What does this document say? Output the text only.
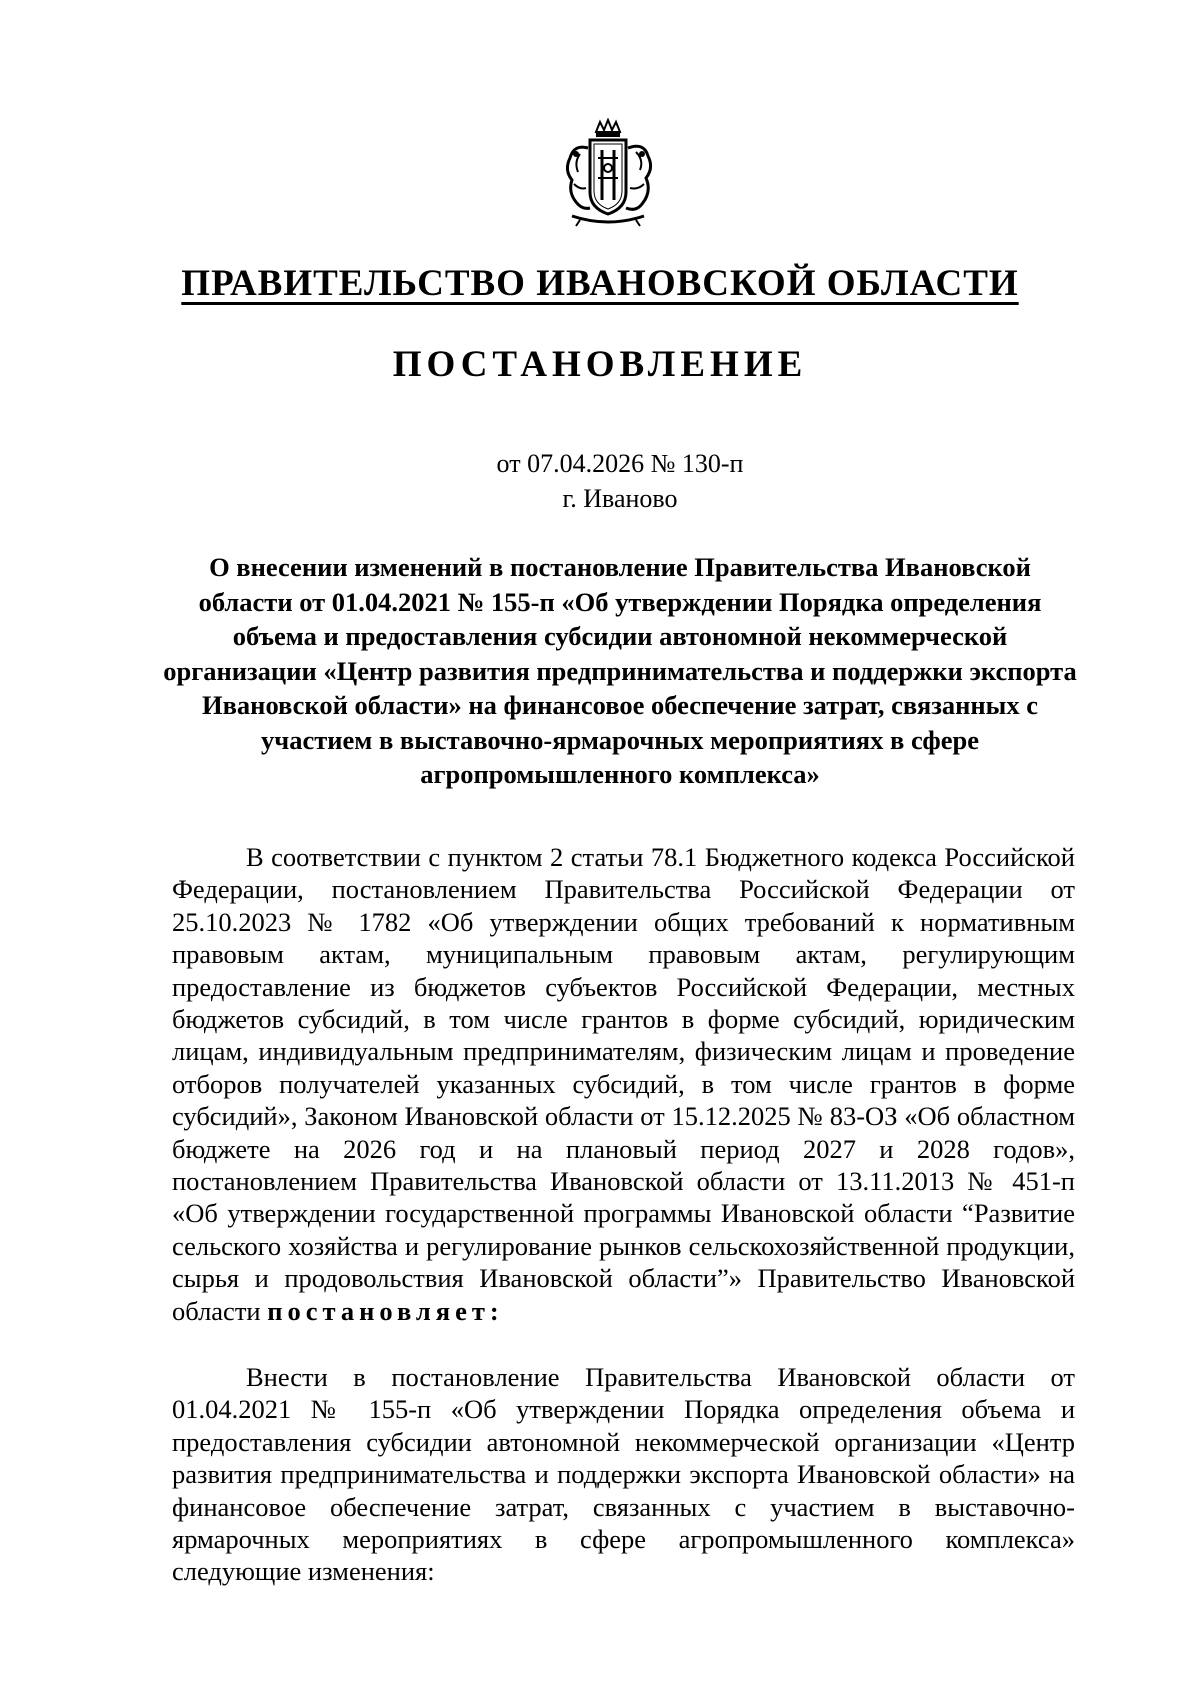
ПРАВИТЕЛЬСТВО ИВАНОВСКОЙ ОБЛАСТИ
ПОСТАНОВЛЕНИЕ
от 07.04.2026 № 130-п
г. Иваново
О внесении изменений в постановление Правительства Ивановской области от 01.04.2021 № 155-п «Об утверждении Порядка определения объема и предоставления субсидии автономной некоммерческой организации «Центр развития предпринимательства и поддержки экспорта Ивановской области» на финансовое обеспечение затрат, связанных с участием в выставочно-ярмарочных мероприятиях в сфере агропромышленного комплекса»

В соответствии с пунктом 2 статьи 78.1 Бюджетного кодекса Российской Федерации, постановлением Правительства Российской Федерации от 25.10.2023 № 1782 «Об утверждении общих требований к нормативным правовым актам, муниципальным правовым актам, регулирующим предоставление из бюджетов субъектов Российской Федерации, местных бюджетов субсидий, в том числе грантов в форме субсидий, юридическим лицам, индивидуальным предпринимателям, физическим лицам и проведение отборов получателей указанных субсидий, в том числе грантов в форме субсидий», Законом Ивановской области от 15.12.2025 № 83-ОЗ «Об областном бюджете на 2026 год и на плановый период 2027 и 2028 годов», постановлением Правительства Ивановской области от 13.11.2013 № 451-п «Об утверждении государственной программы Ивановской области “Развитие сельского хозяйства и регулирование рынков сельскохозяйственной продукции, сырья и продовольствия Ивановской области”» Правительство Ивановской области постановляет:

Внести в постановление Правительства Ивановской области от 01.04.2021 № 155-п «Об утверждении Порядка определения объема и предоставления субсидии автономной некоммерческой организации «Центр развития предпринимательства и поддержки экспорта Ивановской области» на финансовое обеспечение затрат, связанных с участием в выставочно-ярмарочных мероприятиях в сфере агропромышленного комплекса» следующие изменения:
